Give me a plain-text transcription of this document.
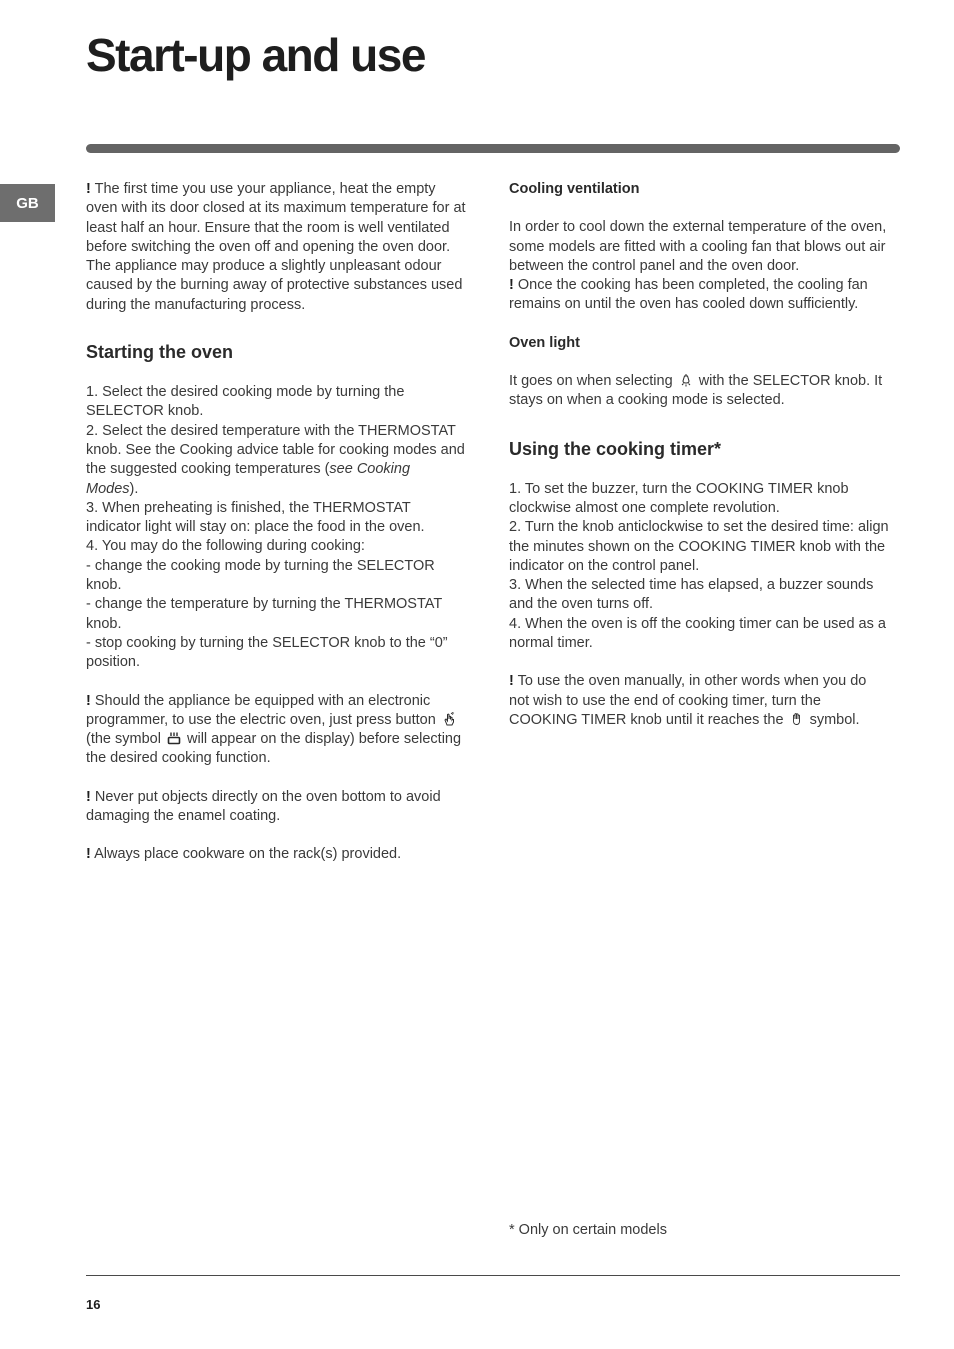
Start-up and use
GB

! The first time you use your appliance, heat the empty oven with its door closed at its maximum temperature for at least half an hour. Ensure that the room is well ventilated before switching the oven off and opening the oven door. The appliance may produce a slightly unpleasant odour caused by the burning away of protective substances used during the manufacturing process.

Starting the oven
1. Select the desired cooking mode by turning the SELECTOR knob.
2. Select the desired temperature with the THERMOSTAT knob. See the Cooking advice table for cooking modes and the suggested cooking temperatures (see Cooking Modes).
3. When preheating is finished, the THERMOSTAT indicator light will stay on: place the food in the oven.
4. You may do the following during cooking:
- change the cooking mode by turning the SELECTOR knob.
- change the temperature by turning the THERMOSTAT knob.
- stop cooking by turning the SELECTOR knob to the “0” position.

! Should the appliance be equipped with an electronic programmer, to use the electric oven, just press button  (the symbol will appear on the display) before selecting the desired cooking function.

! Never put objects directly on the oven bottom to avoid damaging the enamel coating.

! Always place cookware on the rack(s) provided.

Cooling ventilation

In order to cool down the external temperature of the oven, some models are fitted with a cooling fan that blows out air between the control panel and the oven door.

! Once the cooking has been completed, the cooling fan remains on until the oven has cooled down sufficiently.

Oven light

It goes on when selecting with the SELECTOR knob. It stays on when a cooking mode is selected.

Using the cooking timer*
1. To set the buzzer, turn the COOKING TIMER knob clockwise almost one complete revolution.
2. Turn the knob anticlockwise to set the desired time: align the minutes shown on the COOKING TIMER knob with the indicator on the control panel.
3. When the selected time has elapsed, a buzzer sounds and the oven turns off.
4. When the oven is off the cooking timer can be used as a normal timer.

! To use the oven manually, in other words when you do not wish to use the end of cooking timer, turn the COOKING TIMER knob until it reaches the symbol.

* Only on certain models
16
